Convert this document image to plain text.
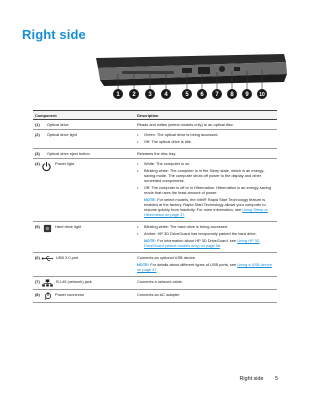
Right side
1 2 3 4	5 6 7 8 9 10
Component	Description
(1)	Optical drive	Reads and writes (select models only) to an optical disc.
(2)	Optical drive light	•	Green: The optical drive is being accessed.
•	Off: The optical drive is idle.
(3)	Optical drive eject button	Releases the disc tray.
(4)	Power light	•	White: The computer is on.
•	Blinking white: The computer is in the Sleep state, which is an energy-saving mode. The computer shuts off power to the display and other unneeded components.
•	Off: The computer is off or in Hibernation. Hibernation is an energy-saving mode that uses the least amount of power.
NOTE: For select models, the Intel® Rapid Start Technology feature is enabled at the factory. Rapid Start Technology allows your computer to resume quickly from inactivity. For more information, see Using Sleep or Hibernation on page 37.
(5)	Hard drive light	•	Blinking white: The hard drive is being accessed.
•	Amber: HP 3D DriveGuard has temporarily parked the hard drive.
NOTE: For information about HP 3D DriveGuard, see Using HP 3D DriveGuard (select models only) on page 56.
(6)	USB 2.0 port	Connects an optional USB device.
NOTE: For details about different types of USB ports, see Using a USB device on page 47.
(7)	RJ-45 (network) jack	Connects a network cable.
(8)	Power connector	Connects an AC adapter.
Right side 5
